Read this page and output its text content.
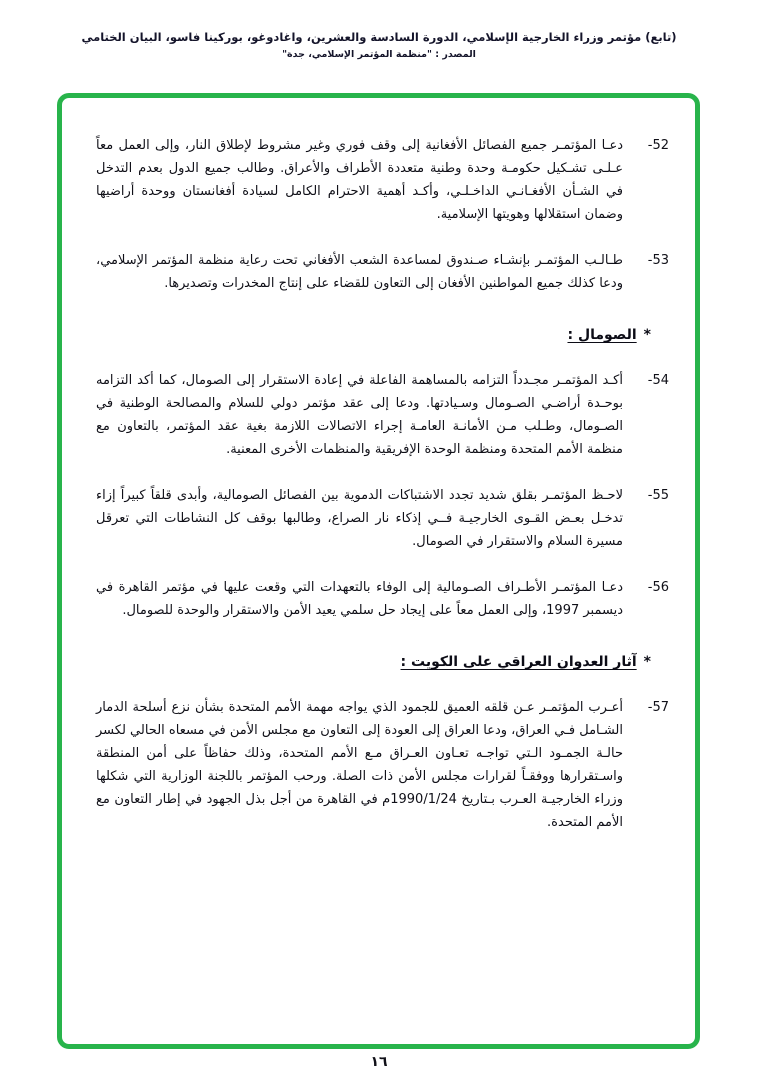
(تابع) مؤتمر وزراء الخارجية الإسلامي، الدورة السادسة والعشرين، واغادوغو، بوركينا فاسو، البيان الختامي
المصدر : "منظمة المؤتمر الإسلامي، جدة"
-52
دعـا المؤتمـر جميع الفصائل الأفغانية إلى وقف فوري وغير مشروط لإطلاق النار، وإلى العمل معاً عـلـى تشـكيل حكومـة وحدة وطنية متعددة الأطراف والأعراق. وطالب جميع الدول بعدم التدخل في الشـأن الأفغـانـي الداخـلـي، وأكـد أهمية الاحترام الكامل لسيادة أفغانستان ووحدة أراضيها وضمان استقلالها وهويتها الإسلامية.
-53
طـالـب المؤتمـر بإنشـاء صـندوق لمساعدة الشعب الأفغاني تحت رعاية منظمة المؤتمر الإسلامي، ودعا كذلك جميع المواطنين الأفغان إلى التعاون للقضاء على إنتاج المخدرات وتصديرها.
*الصومال :
-54
أكـد المؤتمـر مجـدداً التزامه بالمساهمة الفاعلة في إعادة الاستقرار إلى الصومال، كما أكد التزامه بوحـدة أراضـي الصـومال وسـيادتها. ودعا إلى عقد مؤتمر دولي للسلام والمصالحة الوطنية في الصـومال، وطـلب مـن الأمانـة العامـة إجراء الاتصالات اللازمة بغية عقد المؤتمر، بالتعاون مع منظمة الأمم المتحدة ومنظمة الوحدة الإفريقية والمنظمات الأخرى المعنية.
-55
لاحـظ المؤتمـر بقلق شديد تجدد الاشتباكات الدموية بين الفصائل الصومالية، وأبدى قلقاً كبيراً إزاء تدخـل بعـض القـوى الخارجيـة فــي إذكاء نار الصراع، وطالبها بوقف كل النشاطات التي تعرقل مسيرة السلام والاستقرار في الصومال.
-56
دعـا المؤتمـر الأطـراف الصـومالية إلى الوفاء بالتعهدات التي وقعت عليها في مؤتمر القاهرة في ديسمبر 1997، وإلى العمل معاً على إيجاد حل سلمي يعيد الأمن والاستقرار والوحدة للصومال.
*آثار العدوان العراقي على الكويت :
-57
أعـرب المؤتمـر عـن قلقه العميق للجمود الذي يواجه مهمة الأمم المتحدة بشأن نزع أسلحة الدمار الشـامل فـي العراق، ودعا العراق إلى العودة إلى التعاون مع مجلس الأمن في مسعاه الحالي لكسر حالـة الجمـود الـتي تواجـه تعـاون العـراق مـع الأمم المتحدة، وذلك حفاظاً على أمن المنطقة واسـتقرارها ووفقـاً لقرارات مجلس الأمن ذات الصلة. ورحب المؤتمر باللجنة الوزارية التي شكلها وزراء الخارجيـة العـرب بـتاريخ 1990/1/24م في القاهرة من أجل بذل الجهود في إطار التعاون مع الأمم المتحدة.
١٦
